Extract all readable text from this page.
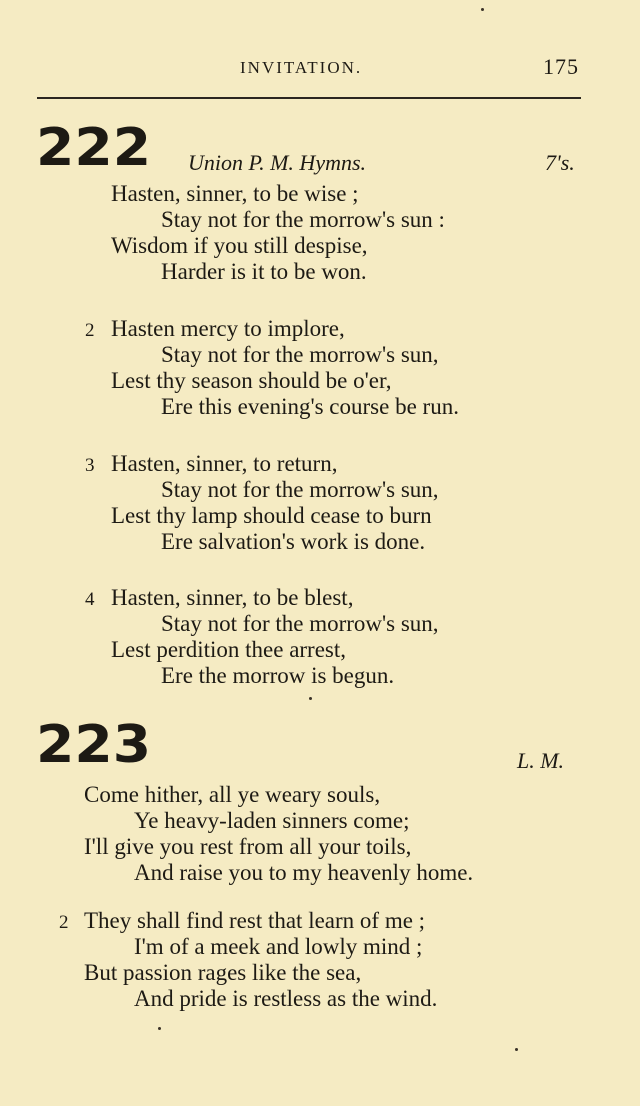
INVITATION.	175
222 Union P. M. Hymns.	7's.
Hasten, sinner, to be wise ;
Stay not for the morrow's sun :
Wisdom if you still despise,
Harder is it to be won.
2 Hasten mercy to implore,
Stay not for the morrow's sun,
Lest thy season should be o'er,
Ere this evening's course be run.
3 Hasten, sinner, to return,
Stay not for the morrow's sun,
Lest thy lamp should cease to burn
Ere salvation's work is done.
4 Hasten, sinner, to be blest,
Stay not for the morrow's sun,
Lest perdition thee arrest,
Ere the morrow is begun.
223	L. M.
Come hither, all ye weary souls,
Ye heavy-laden sinners come;
I'll give you rest from all your toils,
And raise you to my heavenly home.
2 They shall find rest that learn of me ;
I'm of a meek and lowly mind ;
But passion rages like the sea,
And pride is restless as the wind.
